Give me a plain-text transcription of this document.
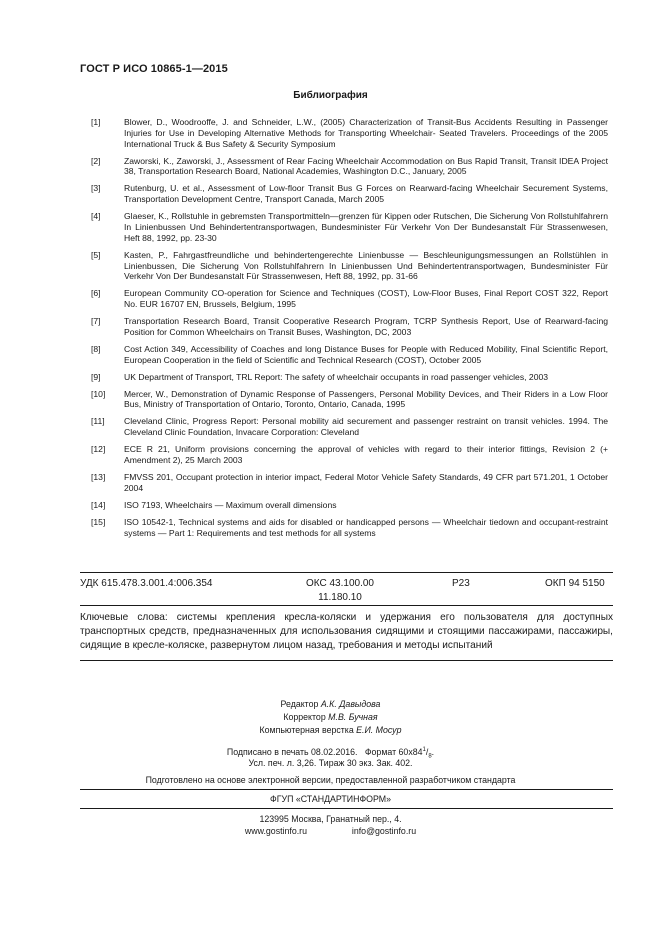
ГОСТ Р ИСО 10865-1—2015
Библиография
[1]	Blower, D., Woodrooffe, J. and Schneider, L.W., (2005) Characterization of Transit-Bus Accidents Resulting in Passenger Injuries for Use in Developing Alternative Methods for Transporting Wheelchair- Seated Travelers. Proceedings of the 2005 International Truck & Bus Safety & Security Symposium
[2]	Zaworski, K., Zaworski, J., Assessment of Rear Facing Wheelchair Accommodation on Bus Rapid Transit, Transit IDEA Project 38, Transportation Research Board, National Academies, Washington D.C., January, 2005
[3]	Rutenburg, U. et al., Assessment of Low-floor Transit Bus G Forces on Rearward-facing Wheelchair Securement Systems, Transportation Development Centre, Transport Canada, March 2005
[4]	Glaeser, K., Rollstuhle in gebremsten Transportmitteln—grenzen für Kippen oder Rutschen, Die Sicherung Von Rollstuhlfahrern In Linienbussen Und Behindertentransportwagen, Bundesminister Für Verkehr Von Der Bundesanstalt Für Strassenwesen, Heft 88, 1992, pp. 23-30
[5]	Kasten, P., Fahrgastfreundliche und behindertengerechte Linienbusse — Beschleunigungsmessungen an Rollstühlen in Linienbussen, Die Sicherung Von Rollstuhlfahrern In Linienbussen Und Behindertentransportwagen, Bundesminister Für Verkehr Von Der Bundesanstalt Für Strassenwesen, Heft 88, 1992, pp. 31-66
[6]	European Community CO-operation for Science and Techniques (COST), Low-Floor Buses, Final Report COST 322, Report No. EUR 16707 EN, Brussels, Belgium, 1995
[7]	Transportation Research Board, Transit Cooperative Research Program, TCRP Synthesis Report, Use of Rearward-facing Position for Common Wheelchairs on Transit Buses, Washington, DC, 2003
[8]	Cost Action 349, Accessibility of Coaches and long Distance Buses for People with Reduced Mobility, Final Scientific Report, European Cooperation in the field of Scientific and Technical Research (COST), October 2005
[9]	UK Department of Transport, TRL Report: The safety of wheelchair occupants in road passenger vehicles, 2003
[10]	Mercer, W., Demonstration of Dynamic Response of Passengers, Personal Mobility Devices, and Their Riders in a Low Floor Bus, Ministry of Transportation of Ontario, Toronto, Ontario, Canada, 1995
[11]	Cleveland Clinic, Progress Report: Personal mobility aid securement and passenger restraint on transit vehicles. 1994. The Cleveland Clinic Foundation, Invacare Corporation: Cleveland
[12]	ECE R 21, Uniform provisions concerning the approval of vehicles with regard to their interior fittings, Revision 2 (+ Amendment 2), 25 March 2003
[13]	FMVSS 201, Occupant protection in interior impact, Federal Motor Vehicle Safety Standards, 49 CFR part 571.201, 1 October 2004
[14]	ISO 7193, Wheelchairs — Maximum overall dimensions
[15]	ISO 10542-1, Technical systems and aids for disabled or handicapped persons — Wheelchair tiedown and occupant-restraint systems — Part 1: Requirements and test methods for all systems
УДК 615.478.3.001.4:006.354	ОКС 43.100.00
11.180.10
Р23	ОКП 94 5150
Ключевые слова: системы крепления кресла-коляски и удержания его пользователя для доступных транспортных средств, предназначенных для использования сидящими и стоящими пассажирами, пассажиры, сидящие в кресле-коляске, развернутом лицом назад, требования и методы испытаний
Редактор А.К. Давыдова
Корректор М.В. Бучная
Компьютерная верстка Е.И. Мосур
Подписано в печать 08.02.2016. Формат $60х84^1/_8$.
Усл. печ. л. 3,26. Тираж 30 экз. Зак. 402.
Подготовлено на основе электронной версии, предоставленной разработчиком стандарта
ФГУП «СТАНДАРТИНФОРМ»
123995 Москва, Гранатный пер., 4.
www.gostinfo.ru	info@gostinfo.ru
